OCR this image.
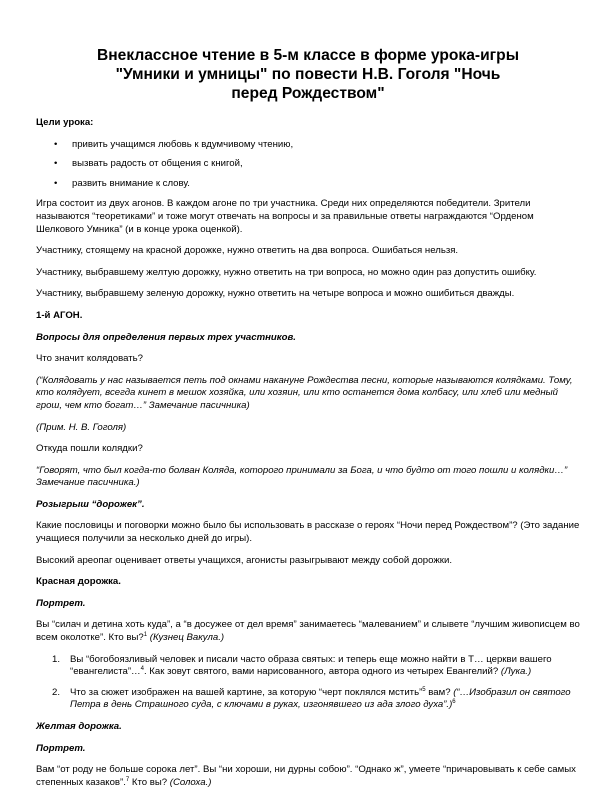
Внеклассное чтение в 5-м классе в форме урока-игры
"Умники и умницы" по повести Н.В. Гоголя "Ночь
перед Рождеством"

Цели урока:

• привить учащимся любовь к вдумчивому чтению,
• вызвать радость от общения с книгой,
• развить внимание к слову.

Игра состоит из двух агонов. В каждом агоне по три участника. Среди них определяются победители. Зрители называются “теоретиками” и тоже могут отвечать на вопросы и за правильные ответы награждаются “Орденом Шелкового Умника” (и в конце урока оценкой).

Участнику, стоящему на красной дорожке, нужно ответить на два вопроса. Ошибаться нельзя.

Участнику, выбравшему желтую дорожку, нужно ответить на три вопроса, но можно один раз допустить ошибку.

Участнику, выбравшему зеленую дорожку, нужно ответить на четыре вопроса и можно ошибиться дважды.

1-й АГОН.

Вопросы для определения первых трех участников.

Что значит колядовать?

(“Колядовать у нас называется петь под окнами накануне Рождества песни, которые называются колядками. Тому, кто колядует, всегда кинет в мешок хозяйка, или хозяин, или кто останется дома колбасу, или хлеб или медный грош, чем кто богат…” Замечание пасичника)

(Прим. Н. В. Гоголя)

Откуда пошли колядки?

“Говорят, что был когда-то болван Коляда, которого принимали за Бога, и что будто от того пошли и колядки…” Замечание пасичника.)

Розыгрыш “дорожек”.

Какие пословицы и поговорки можно было бы использовать в рассказе о героях “Ночи перед Рождеством”? (Это задание учащиеся получили за несколько дней до игры).

Высокий ареопаг оценивает ответы учащихся, агонисты разыгрывают между собой дорожки.

Красная дорожка.

Портрет.

Вы “силач и детина хоть куда”, а “в досужее от дел время” занимаетесь “малеванием” и слывете “лучшим живописцем во всем околотке”. Кто вы?$^1$ (Кузнец Вакула.)

1. Вы “богобоязливый человек и писали часто образа святых: и теперь еще можно найти в Т… церкви вашего “евангелиста”…$^4$. Как зовут святого, вами нарисованного, автора одного из четырех Евангелий? (Лука.)
2. Что за сюжет изображен на вашей картине, за которую “черт поклялся мстить”$^5$ вам? (“…Изобразил он святого Петра в день Страшного суда, с ключами в руках, изгонявшего из ада злого духа”.)$^6$

Желтая дорожка.

Портрет.

Вам “от роду не больше сорока лет”. Вы “ни хороши, ни дурны собою”. “Однако ж”, умеете “причаровывать к себе самых степенных казаков”.$^7$ Кто вы? (Солоха.)
